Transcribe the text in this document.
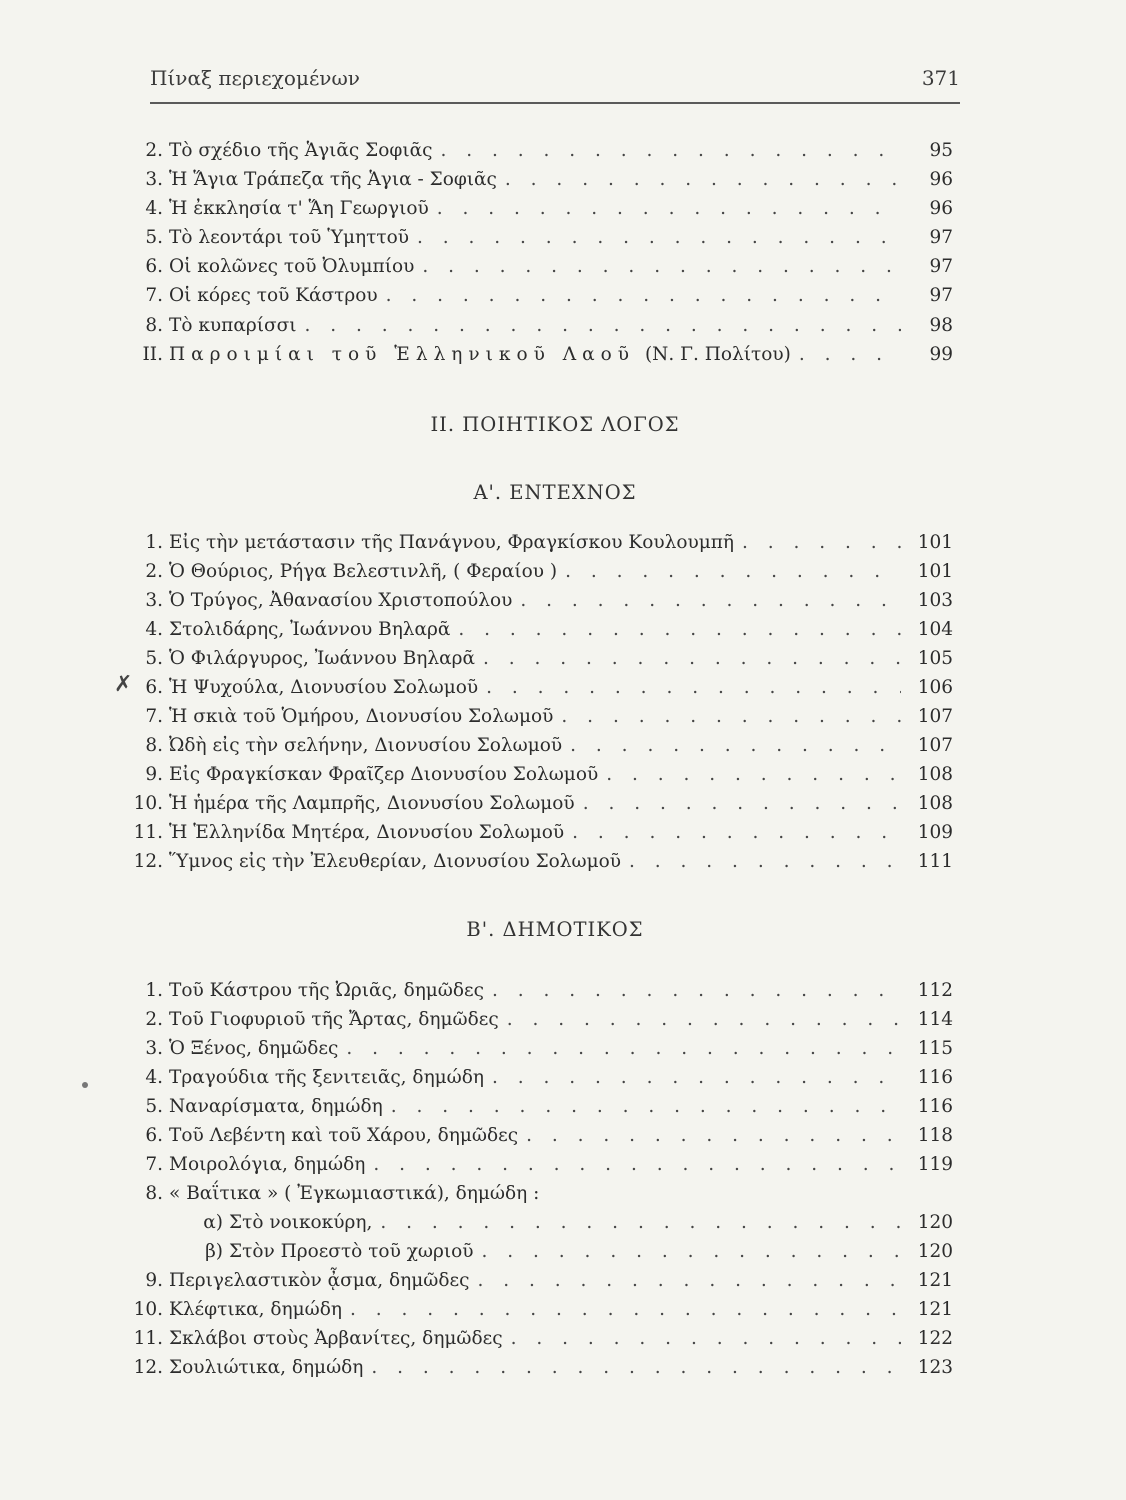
Πίναξ περιεχομένων	371
2. Τὸ σχέδιο τῆς Ἁγιᾶς Σοφιᾶς . . .	95
3. Ἡ Ἅγια Τράπεζα τῆς Ἁγια - Σοφιᾶς . . .	96
4. Ἡ ἐκκλησία τ' Ἅη Γεωργιοῦ . . .	96
5. Τὸ λεοντάρι τοῦ Ὑμηττοῦ . . .	97
6. Οἱ κολῶνες τοῦ Ὀλυμπίου . . .	97
7. Οἱ κόρες τοῦ Κάστρου . . .	97
8. Τὸ κυπαρίσσι . . .	98
II. Παροιμίαι τοῦ Ἑλληνικοῦ Λαοῦ (Ν. Γ. Πολίτου) . . .	99
II. ΠΟΙΗΤΙΚΟΣ ΛΟΓΟΣ
Α'. ΕΝΤΕΧΝΟΣ
1. Εἰς τὴν μετάστασιν τῆς Πανάγνου, Φραγκίσκου Κουλουμπῆ . . .	101
2. Ὁ Θούριος, Ρήγα Βελεστινλῆ, ( Φεραίου ) . . .	101
3. Ὁ Τρύγος, Ἀθανασίου Χριστοπούλου . . .	103
4. Στολιδάρης, Ἰωάννου Βηλαρᾶ . . .	104
5. Ὁ Φιλάργυρος, Ἰωάννου Βηλαρᾶ . . .	105
✗ 6. Ἡ Ψυχούλα, Διονυσίου Σολωμοῦ . . .	106
7. Ἡ σκιὰ τοῦ Ὁμήρου, Διονυσίου Σολωμοῦ . . .	107
8. Ὠδὴ εἰς τὴν σελήνην, Διονυσίου Σολωμοῦ . . .	107
9. Εἰς Φραγκίσκαν Φραῖζερ Διονυσίου Σολωμοῦ . . .	108
10. Ἡ ἡμέρα τῆς Λαμπρῆς, Διονυσίου Σολωμοῦ . . .	108
11. Ἡ Ἑλληνίδα Μητέρα, Διονυσίου Σολωμοῦ . . .	109
12. Ὕμνος εἰς τὴν Ἐλευθερίαν, Διονυσίου Σολωμοῦ . . .	111
Β'. ΔΗΜΟΤΙΚΟΣ
1. Τοῦ Κάστρου τῆς Ὠριᾶς, δημῶδες . . .	112
2. Τοῦ Γιοφυριοῦ τῆς Ἄρτας, δημῶδες . . .	114
3. Ὁ Ξένος, δημῶδες . . .	115
4. Τραγούδια τῆς ξενιτειᾶς, δημώδη . . .	116
5. Ναναρίσματα, δημώδη . . .	116
6. Τοῦ Λεβέντη καὶ τοῦ Χάρου, δημῶδες . . .	118
7. Μοιρολόγια, δημώδη . . .	119
8. « Βαΐτικα » ( Ἐγκωμιαστικά), δημώδη :
α) Στὸ νοικοκύρη, . . .	120
β) Στὸν Προεστὸ τοῦ χωριοῦ . . .	120
9. Περιγελαστικὸν ᾆσμα, δημῶδες . . .	121
10. Κλέφτικα, δημώδη . . .	121
11. Σκλάβοι στοὺς Ἀρβανίτες, δημῶδες . . .	122
12. Σουλιώτικα, δημώδη . . .	123
